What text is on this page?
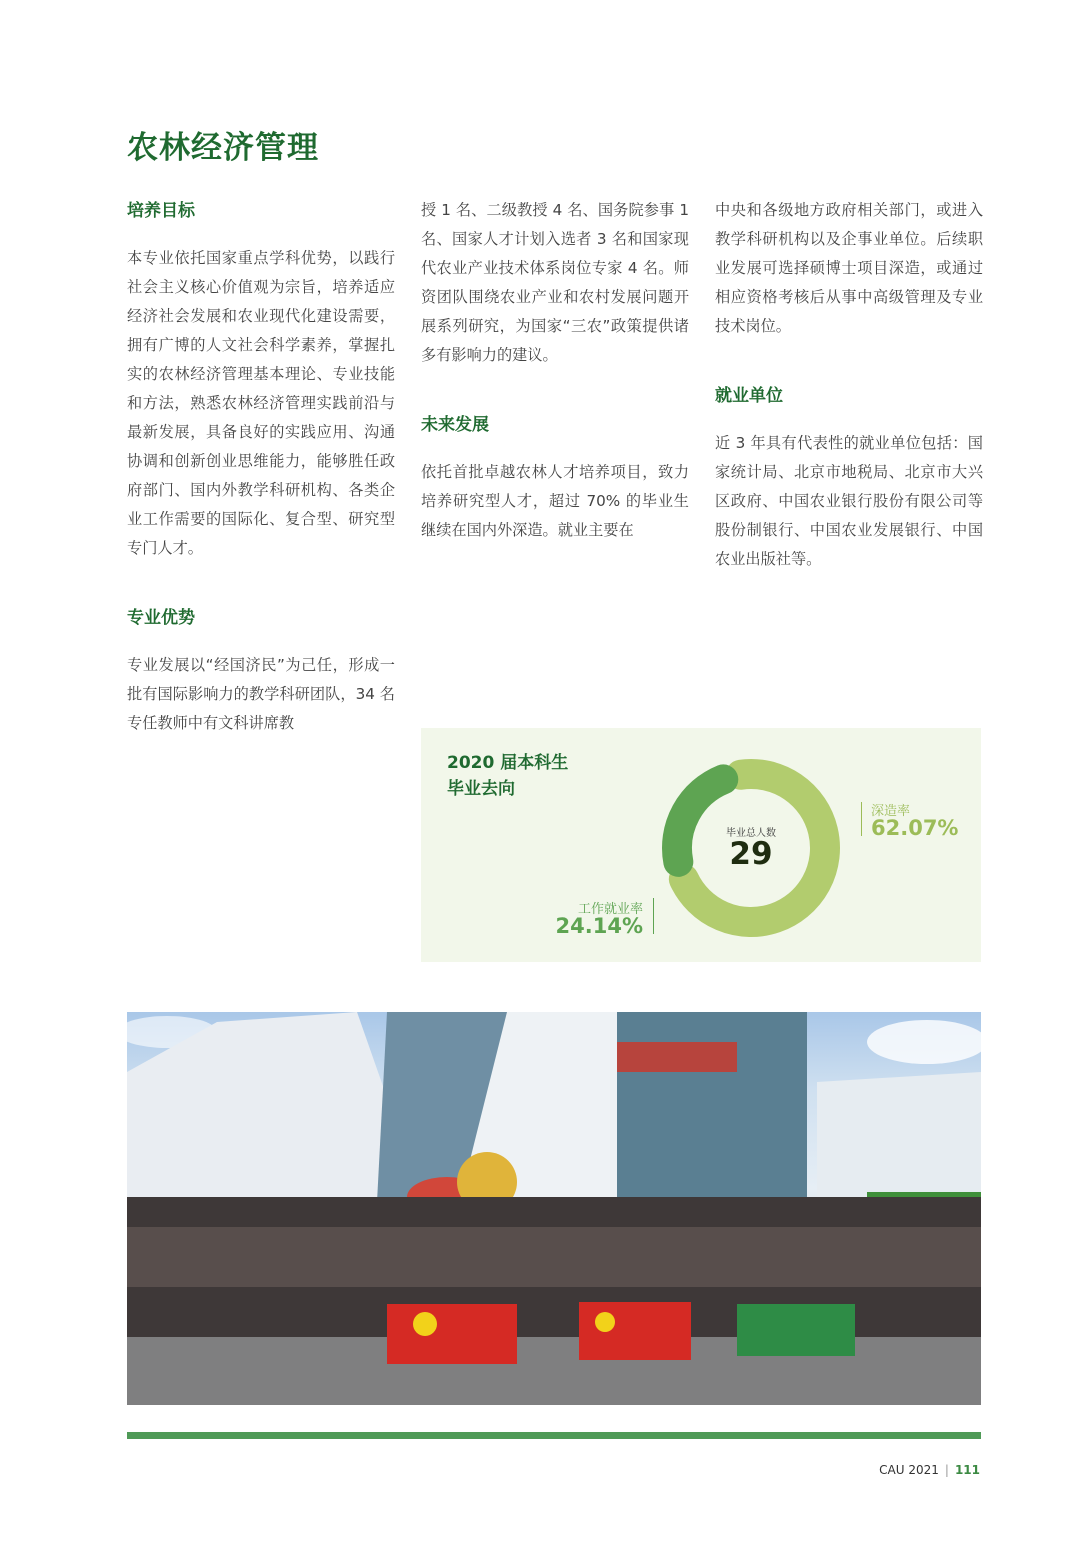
农林经济管理
培养目标

本专业依托国家重点学科优势，以践行社会主义核心价值观为宗旨，培养适应经济社会发展和农业现代化建设需要，拥有广博的人文社会科学素养，掌握扎实的农林经济管理基本理论、专业技能和方法，熟悉农林经济管理实践前沿与最新发展，具备良好的实践应用、沟通协调和创新创业思维能力，能够胜任政府部门、国内外教学科研机构、各类企业工作需要的国际化、复合型、研究型专门人才。

专业优势

专业发展以“经国济民”为己任，形成一批有国际影响力的教学科研团队，34 名专任教师中有文科讲席教

授 1 名、二级教授 4 名、国务院参事 1 名、国家人才计划入选者 3 名和国家现代农业产业技术体系岗位专家 4 名。师资团队围绕农业产业和农村发展问题开展系列研究，为国家“三农”政策提供诸多有影响力的建议。

未来发展

依托首批卓越农林人才培养项目，致力培养研究型人才，超过 70% 的毕业生继续在国内外深造。就业主要在

中央和各级地方政府相关部门，或进入教学科研机构以及企事业单位。后续职业发展可选择硕博士项目深造，或通过相应资格考核后从事中高级管理及专业技术岗位。

就业单位

近 3 年具有代表性的就业单位包括：国家统计局、北京市地税局、北京市大兴区政府、中国农业银行股份有限公司等股份制银行、中国农业发展银行、中国农业出版社等。

2020 届本科生
毕业去向
毕业总人数
29
深造率
62.07%
工作就业率
24.14%
CAU 2021 | 111
